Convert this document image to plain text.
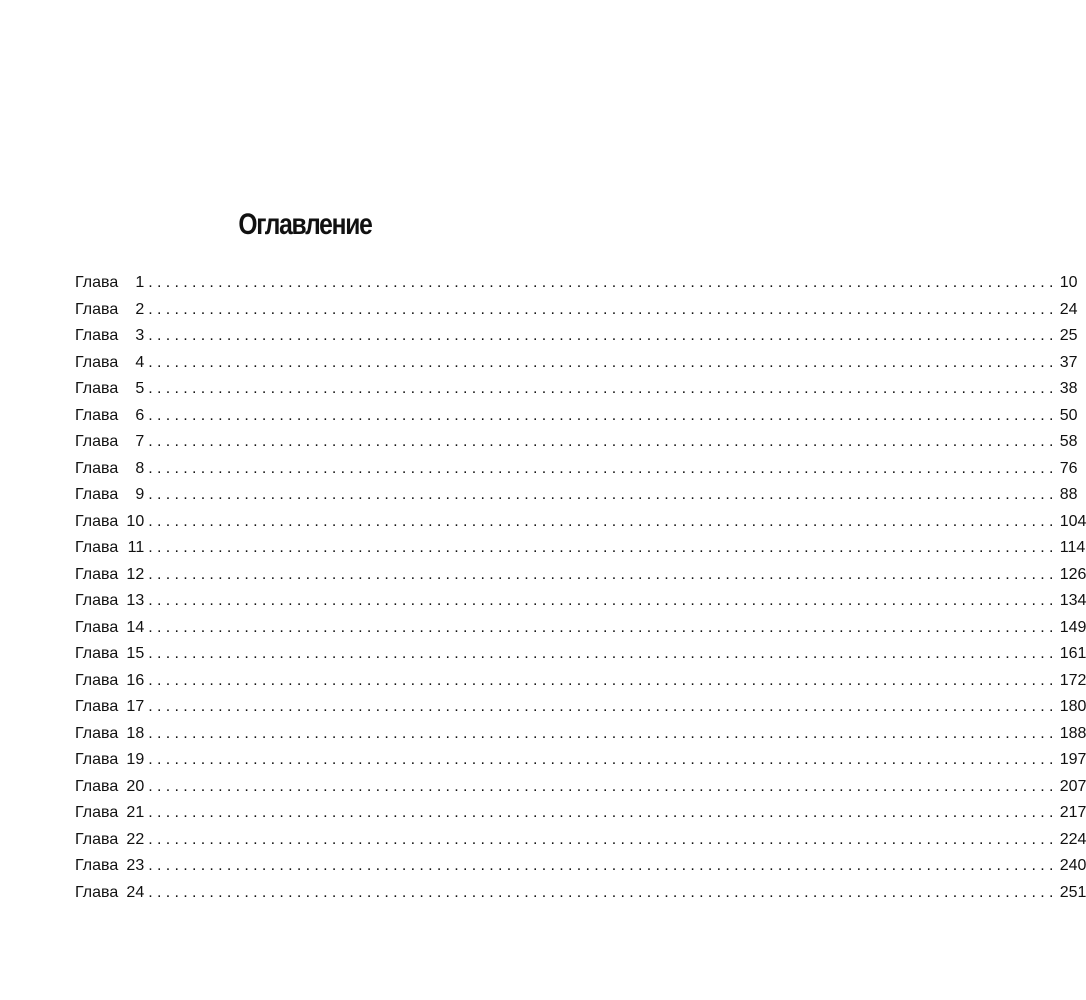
Оглавление
Глава 1 ........................................................................................................ 10
Глава 2 ........................................................................................................ 24
Глава 3 ........................................................................................................ 25
Глава 4 ........................................................................................................ 37
Глава 5 ........................................................................................................ 38
Глава 6 ........................................................................................................ 50
Глава 7 ........................................................................................................ 58
Глава 8 ........................................................................................................ 76
Глава 9 ........................................................................................................ 88
Глава 10 ........................................................................................................ 104
Глава 11 ........................................................................................................ 114
Глава 12 ........................................................................................................ 126
Глава 13 ........................................................................................................ 134
Глава 14 ........................................................................................................ 149
Глава 15 ........................................................................................................ 161
Глава 16 ........................................................................................................ 172
Глава 17 ........................................................................................................ 180
Глава 18 ........................................................................................................ 188
Глава 19 ........................................................................................................ 197
Глава 20 ........................................................................................................ 207
Глава 21 ........................................................................................................ 217
Глава 22 ........................................................................................................ 224
Глава 23 ........................................................................................................ 240
Глава 24 ........................................................................................................ 251
